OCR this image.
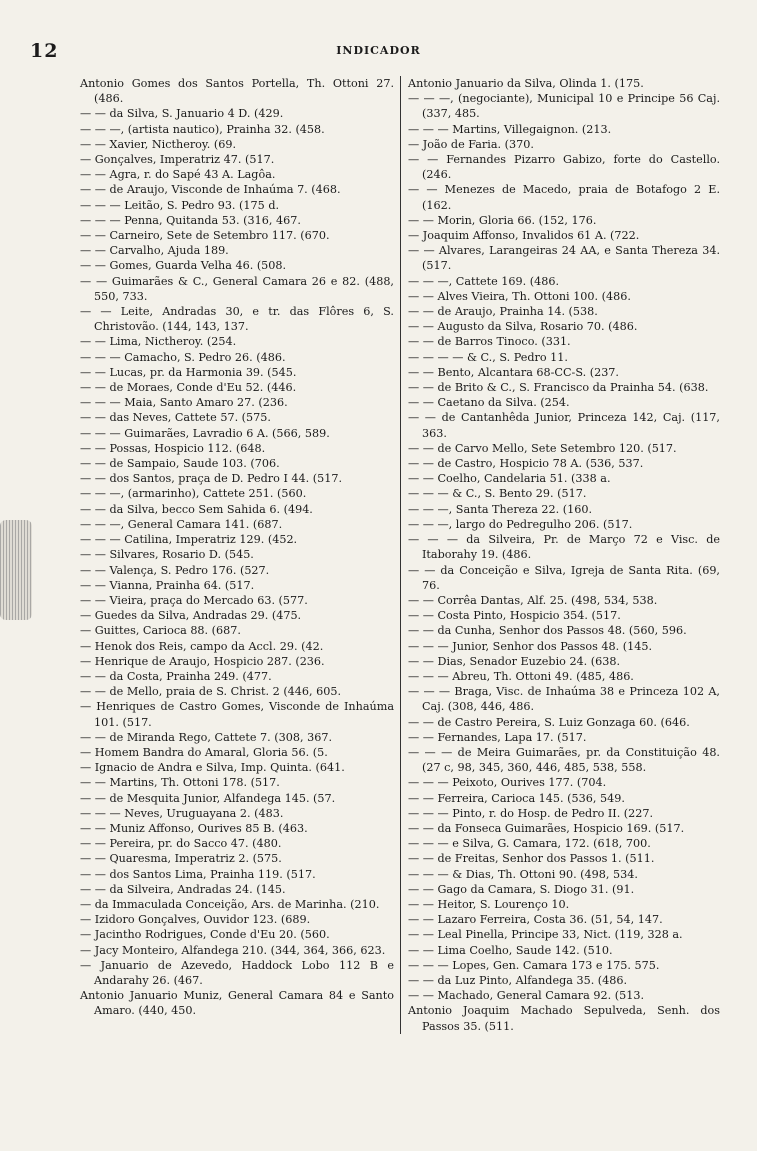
12	INDICADOR
Antonio Gomes dos Santos Portella, Th. Ottoni 27. (486.
— — da Silva, S. Januario 4 D. (429.
— — —, (artista nautico), Prainha 32. (458.
— — Xavier, Nictheroy. (69.
— Gonçalves, Imperatriz 47. (517.
— — Agra, r. do Sapé 43 A. Lagôa.
— — de Araujo, Visconde de Inhaúma 7. (468.
— — — Leitão, S. Pedro 93. (175 d.
— — — Penna, Quitanda 53. (316, 467.
— — Carneiro, Sete de Setembro 117. (670.
— — Carvalho, Ajuda 189.
— — Gomes, Guarda Velha 46. (508.
— — Guimarães & C., General Camara 26 e 82. (488, 550, 733.
— — Leite, Andradas 30, e tr. das Flôres 6, S. Christovão. (144, 143, 137.
— — Lima, Nictheroy. (254.
— — — Camacho, S. Pedro 26. (486.
— — Lucas, pr. da Harmonia 39. (545.
— — de Moraes, Conde d'Eu 52. (446.
— — — Maia, Santo Amaro 27. (236.
— — das Neves, Cattete 57. (575.
— — — Guimarães, Lavradio 6 A. (566, 589.
— — Possas, Hospicio 112. (648.
— — de Sampaio, Saude 103. (706.
— — dos Santos, praça de D. Pedro I 44. (517.
— — —, (armarinho), Cattete 251. (560.
— — da Silva, becco Sem Sahida 6. (494.
— — —, General Camara 141. (687.
— — — Catilina, Imperatriz 129. (452.
— — Silvares, Rosario D. (545.
— — Valença, S. Pedro 176. (527.
— — Vianna, Prainha 64. (517.
— — Vieira, praça do Mercado 63. (577.
— Guedes da Silva, Andradas 29. (475.
— Guittes, Carioca 88. (687.
— Henok dos Reis, campo da Accl. 29. (42.
— Henrique de Araujo, Hospicio 287. (236.
— — da Costa, Prainha 249. (477.
— — de Mello, praia de S. Christ. 2 (446, 605.
— Henriques de Castro Gomes, Visconde de Inhaúma 101. (517.
— — de Miranda Rego, Cattete 7. (308, 367.
— Homem Bandra do Amaral, Gloria 56. (5.
— Ignacio de Andra e Silva, Imp. Quinta. (641.
— — Martins, Th. Ottoni 178. (517.
— — de Mesquita Junior, Alfandega 145. (57.
— — — Neves, Uruguayana 2. (483.
— — Muniz Affonso, Ourives 85 B. (463.
— — Pereira, pr. do Sacco 47. (480.
— — Quaresma, Imperatriz 2. (575.
— — dos Santos Lima, Prainha 119. (517.
— — da Silveira, Andradas 24. (145.
— da Immaculada Conceição, Ars. de Marinha. (210.
— Izidoro Gonçalves, Ouvidor 123. (689.
— Jacintho Rodrigues, Conde d'Eu 20. (560.
— Jacy Monteiro, Alfandega 210. (344, 364, 366, 623.
— Januario de Azevedo, Haddock Lobo 112 B e Andarahy 26. (467.
Antonio Januario Muniz, General Camara 84 e Santo Amaro. (440, 450.
Antonio Januario da Silva, Olinda 1. (175.
— — —, (negociante), Municipal 10 e Principe 56 Caj. (337, 485.
— — — Martins, Villegaignon. (213.
— João de Faria. (370.
— — Fernandes Pizarro Gabizo, forte do Castello. (246.
— — Menezes de Macedo, praia de Botafogo 2 E. (162.
— — Morin, Gloria 66. (152, 176.
— Joaquim Affonso, Invalidos 61 A. (722.
— — Alvares, Larangeiras 24 AA, e Santa Thereza 34. (517.
— — —, Cattete 169. (486.
— — Alves Vieira, Th. Ottoni 100. (486.
— — de Araujo, Prainha 14. (538.
— — Augusto da Silva, Rosario 70. (486.
— — de Barros Tinoco. (331.
— — — — & C., S. Pedro 11.
— — Bento, Alcantara 68-CC-S. (237.
— — de Brito & C., S. Francisco da Prainha 54. (638.
— — Caetano da Silva. (254.
— — de Cantanhêda Junior, Princeza 142, Caj. (117, 363.
— — de Carvo Mello, Sete Setembro 120. (517.
— — de Castro, Hospicio 78 A. (536, 537.
— — Coelho, Candelaria 51. (338 a.
— — — & C., S. Bento 29. (517.
— — —, Santa Thereza 22. (160.
— — —, largo do Pedregulho 206. (517.
— — — da Silveira, Pr. de Março 72 e Visc. de Itaborahy 19. (486.
— — da Conceição e Silva, Igreja de Santa Rita. (69, 76.
— — Corrêa Dantas, Alf. 25. (498, 534, 538.
— — Costa Pinto, Hospicio 354. (517.
— — da Cunha, Senhor dos Passos 48. (560, 596.
— — — Junior, Senhor dos Passos 48. (145.
— — Dias, Senador Euzebio 24. (638.
— — — Abreu, Th. Ottoni 49. (485, 486.
— — — Braga, Visc. de Inhaúma 38 e Princeza 102 A, Caj. (308, 446, 486.
— — de Castro Pereira, S. Luiz Gonzaga 60. (646.
— — Fernandes, Lapa 17. (517.
— — — de Meira Guimarães, pr. da Constituição 48. (27 c, 98, 345, 360, 446, 485, 538, 558.
— — — Peixoto, Ourives 177. (704.
— — Ferreira, Carioca 145. (536, 549.
— — — Pinto, r. do Hosp. de Pedro II. (227.
— — da Fonseca Guimarães, Hospicio 169. (517.
— — — e Silva, G. Camara, 172. (618, 700.
— — de Freitas, Senhor dos Passos 1. (511.
— — — & Dias, Th. Ottoni 90. (498, 534.
— — Gago da Camara, S. Diogo 31. (91.
— — Heitor, S. Lourenço 10.
— — Lazaro Ferreira, Costa 36. (51, 54, 147.
— — Leal Pinella, Principe 33, Nict. (119, 328 a.
— — Lima Coelho, Saude 142. (510.
— — — Lopes, Gen. Camara 173 e 175. 575.
— — da Luz Pinto, Alfandega 35. (486.
— — Machado, General Camara 92. (513.
Antonio Joaquim Machado Sepulveda, Senh. dos Passos 35. (511.
